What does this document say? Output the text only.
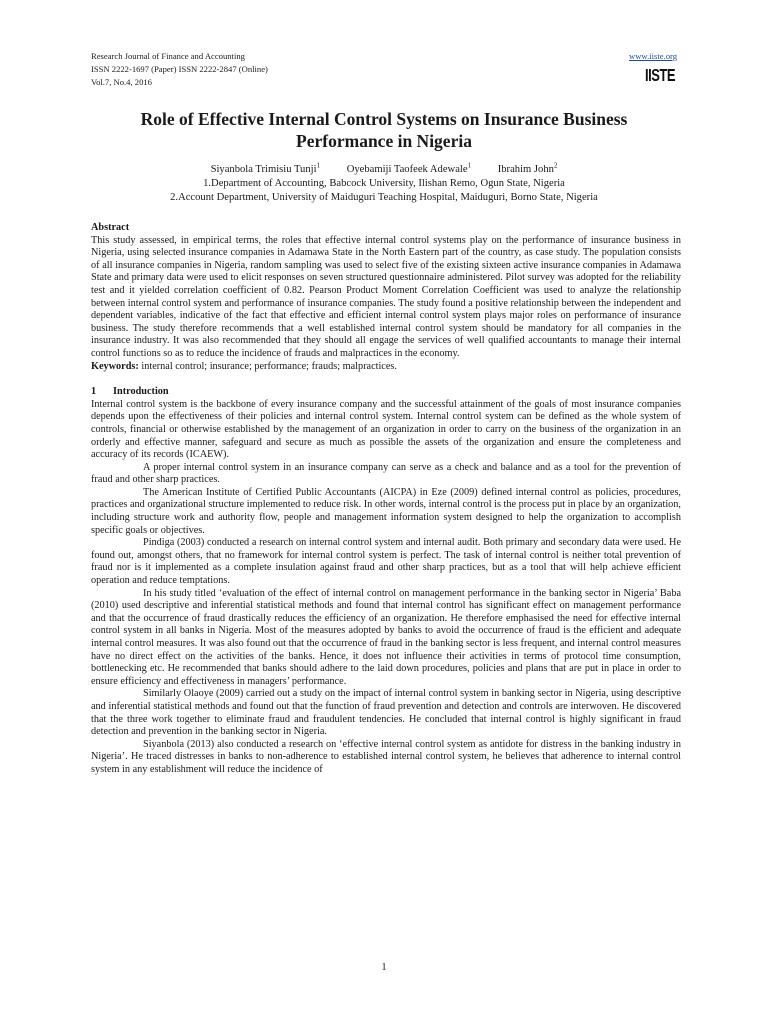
Research Journal of Finance and Accounting
ISSN 2222-1697 (Paper) ISSN 2222-2847 (Online)
Vol.7, No.4, 2016
www.iiste.org
IISTE
Role of Effective Internal Control Systems on Insurance Business
Performance in Nigeria
Siyanbola Trimisiu Tunji$^1$	Oyebamiji Taofeek Adewale$^1$	Ibrahim John$^2$
1.Department of Accounting, Babcock University, Ilishan Remo, Ogun State, Nigeria
2.Account Department, University of Maiduguri Teaching Hospital, Maiduguri, Borno State, Nigeria

Abstract

This study assessed, in empirical terms, the roles that effective internal control systems play on the performance of insurance business in Nigeria, using selected insurance companies in Adamawa State in the North Eastern part of the country, as case study. The population consists of all insurance companies in Nigeria, random sampling was used to select five of the existing sixteen active insurance companies in Adamawa State and primary data were used to elicit responses on seven structured questionnaire administered. Pilot survey was adopted for the reliability test and it yielded correlation coefficient of 0.82. Pearson Product Moment Correlation Coefficient was used to analyze the relationship between internal control system and performance of insurance companies. The study found a positive relationship between the independent and dependent variables, indicative of the fact that effective and efficient internal control system plays major roles on performance of insurance business. The study therefore recommends that a well established internal control system should be mandatory for all companies in the insurance industry. It was also recommended that they should all engage the services of well qualified accountants to manage their internal control functions so as to reduce the incidence of frauds and malpractices in the economy.

Keywords: internal control; insurance; performance; frauds; malpractices.

1 Introduction

Internal control system is the backbone of every insurance company and the successful attainment of the goals of most insurance companies depends upon the effectiveness of their policies and internal control system. Internal control system can be defined as the whole system of controls, financial or otherwise established by the management of an organization in order to carry on the business of the organization in an orderly and effective manner, safeguard and secure as much as possible the assets of the organization and ensure the completeness and accuracy of its records (ICAEW).

A proper internal control system in an insurance company can serve as a check and balance and as a tool for the prevention of fraud and other sharp practices.

The American Institute of Certified Public Accountants (AICPA) in Eze (2009) defined internal control as policies, procedures, practices and organizational structure implemented to reduce risk. In other words, internal control is the process put in place by an organization, including structure work and authority flow, people and management information system designed to help the organization to accomplish specific goals or objectives.

Pindiga (2003) conducted a research on internal control system and internal audit. Both primary and secondary data were used. He found out, amongst others, that no framework for internal control system is perfect. The task of internal control is neither total prevention of fraud nor is it implemented as a complete insulation against fraud and other sharp practices, but as a tool that will help achieve efficient operation and reduce temptations.

In his study titled ‘evaluation of the effect of internal control on management performance in the banking sector in Nigeria’ Baba (2010) used descriptive and inferential statistical methods and found that internal control has significant effect on management performance and that the occurrence of fraud drastically reduces the efficiency of an organization. He therefore emphasised the need for effective internal control system in all banks in Nigeria. Most of the measures adopted by banks to avoid the occurrence of fraud is the efficient and adequate internal control measures. It was also found out that the occurrence of fraud in the banking sector is less frequent, and internal control measures have no direct effect on the activities of the banks. Hence, it does not influence their activities in terms of protocol time consumption, bottlenecking etc. He recommended that banks should adhere to the laid down procedures, policies and plans that are put in place in order to ensure efficiency and effectiveness in managers’ performance.

Similarly Olaoye (2009) carried out a study on the impact of internal control system in banking sector in Nigeria, using descriptive and inferential statistical methods and found out that the function of fraud prevention and detection and controls are interwoven. He discovered that the three work together to eliminate fraud and fraudulent tendencies. He concluded that internal control is highly significant in fraud detection and prevention in the banking sector in Nigeria.

Siyanbola (2013) also conducted a research on ‘effective internal control system as antidote for distress in the banking industry in Nigeria’. He traced distresses in banks to non-adherence to established internal control system, he believes that adherence to internal control system in any establishment will reduce the incidence of

1
